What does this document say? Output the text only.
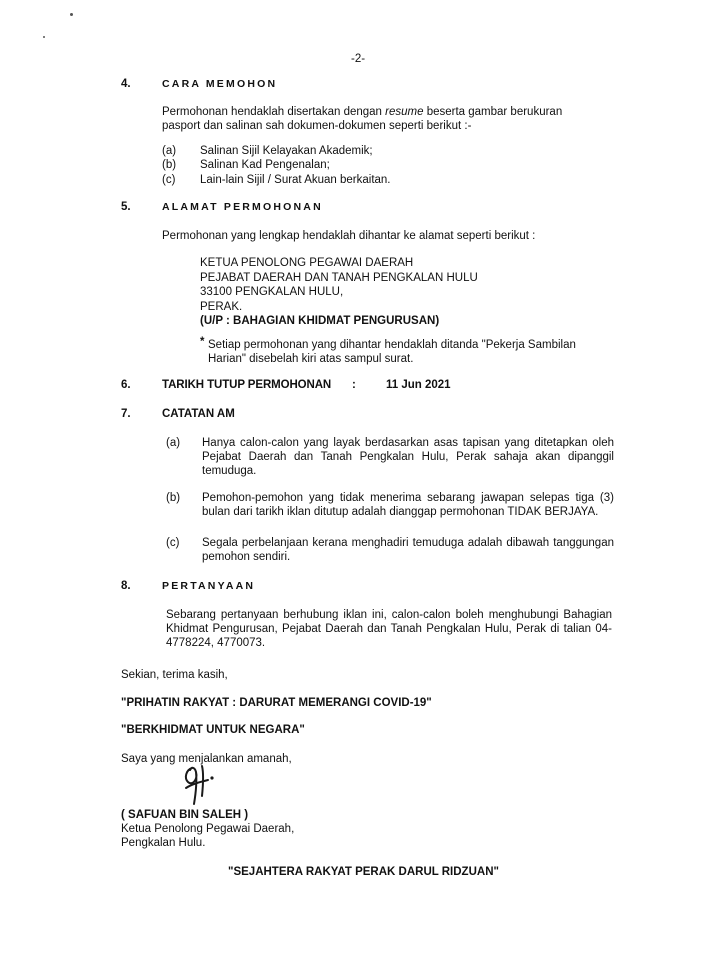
-2-
4.	CARA MEMOHON
Permohonan hendaklah disertakan dengan resume beserta gambar berukuran
pasport dan salinan sah dokumen-dokumen seperti berikut :-
(a) Salinan Sijil Kelayakan Akademik;
(b) Salinan Kad Pengenalan;
(c) Lain-lain Sijil / Surat Akuan berkaitan.
5.	ALAMAT PERMOHONAN
Permohonan yang lengkap hendaklah dihantar ke alamat seperti berikut :
KETUA PENOLONG PEGAWAI DAERAH
PEJABAT DAERAH DAN TANAH PENGKALAN HULU
33100 PENGKALAN HULU,
PERAK.
(U/P : BAHAGIAN KHIDMAT PENGURUSAN)
* Setiap permohonan yang dihantar hendaklah ditanda "Pekerja Sambilan
Harian" disebelah kiri atas sampul surat.
6.	TARIKH TUTUP PERMOHONAN :	11 Jun 2021
7.	CATATAN AM
(a) Hanya calon-calon yang layak berdasarkan asas tapisan yang ditetapkan oleh Pejabat Daerah dan Tanah Pengkalan Hulu, Perak sahaja akan dipanggil temuduga.
(b) Pemohon-pemohon yang tidak menerima sebarang jawapan selepas tiga (3) bulan dari tarikh iklan ditutup adalah dianggap permohonan TIDAK BERJAYA.
(c) Segala perbelanjaan kerana menghadiri temuduga adalah dibawah tanggungan pemohon sendiri.
8.	PERTANYAAN
Sebarang pertanyaan berhubung iklan ini, calon-calon boleh menghubungi Bahagian Khidmat Pengurusan, Pejabat Daerah dan Tanah Pengkalan Hulu, Perak di talian 04-4778224, 4770073.
Sekian, terima kasih,
"PRIHATIN RAKYAT : DARURAT MEMERANGI COVID-19"
"BERKHIDMAT UNTUK NEGARA"
Saya yang menjalankan amanah,
( SAFUAN BIN SALEH )
Ketua Penolong Pegawai Daerah,
Pengkalan Hulu.
"SEJAHTERA RAKYAT PERAK DARUL RIDZUAN"
